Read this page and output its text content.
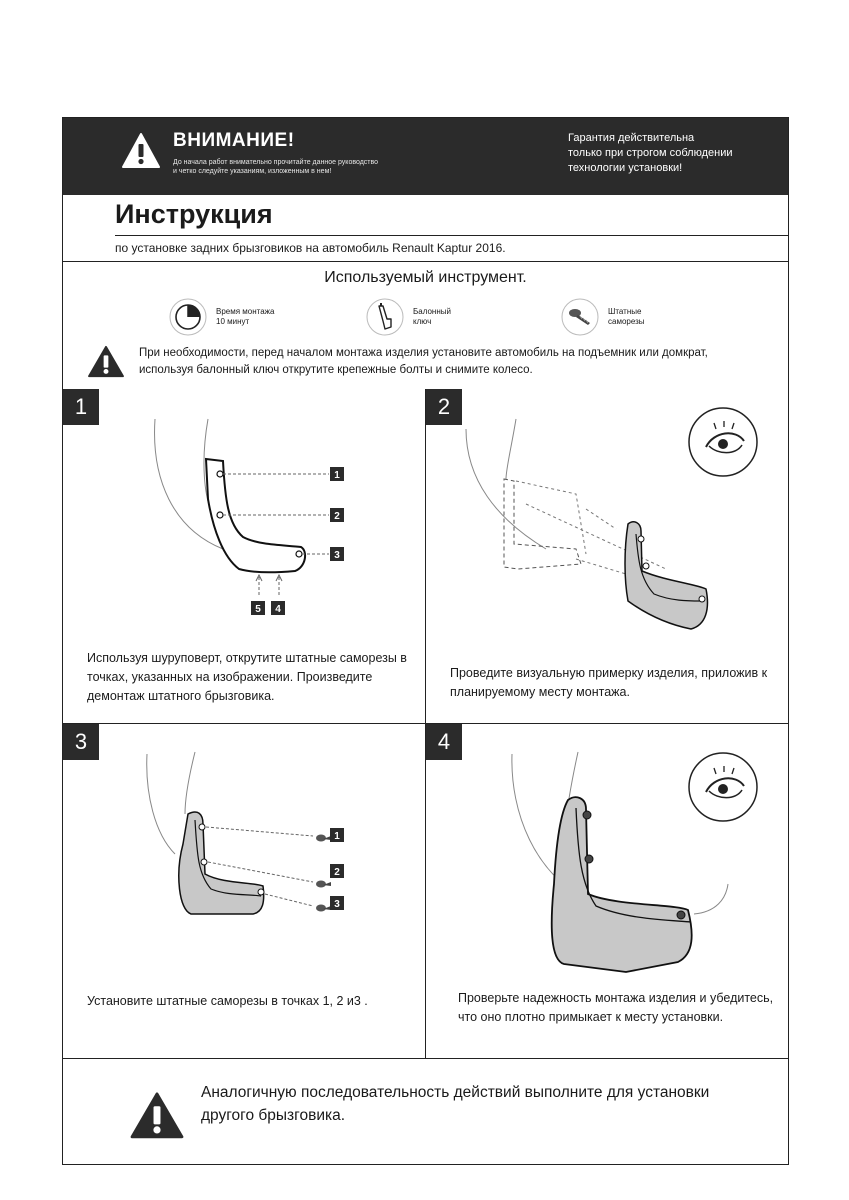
ВНИМАНИЕ!
До начала работ внимательно прочитайте данное руководство
и четко следуйте указаниям, изложенным в нем!
Гарантия действительна
только при строгом соблюдении
технологии установки!
Инструкция
по установке задних брызговиков на автомобиль Renault Kaptur 2016.
Используемый инструмент.
Время монтажа
10 минут
Балонный
ключ
Штатные
саморезы
При необходимости, перед началом монтажа изделия установите автомобиль на подъемник или домкрат, используя балонный ключ открутите крепежные болты и снимите колесо.
1
1
2
3
5 4
Используя шуруповерт, открутите штатные саморезы в точках, указанных на изображении. Произведите демонтаж штатного брызговика.
2
Проведите визуальную примерку изделия, приложив к планируемому месту монтажа.
3
1
2
3
Установите штатные саморезы в точках 1, 2 и3 .
4
Проверьте надежность монтажа изделия и убедитесь, что оно плотно примыкает к месту установки.
Аналогичную последовательность действий выполните для установки другого брызговика.
